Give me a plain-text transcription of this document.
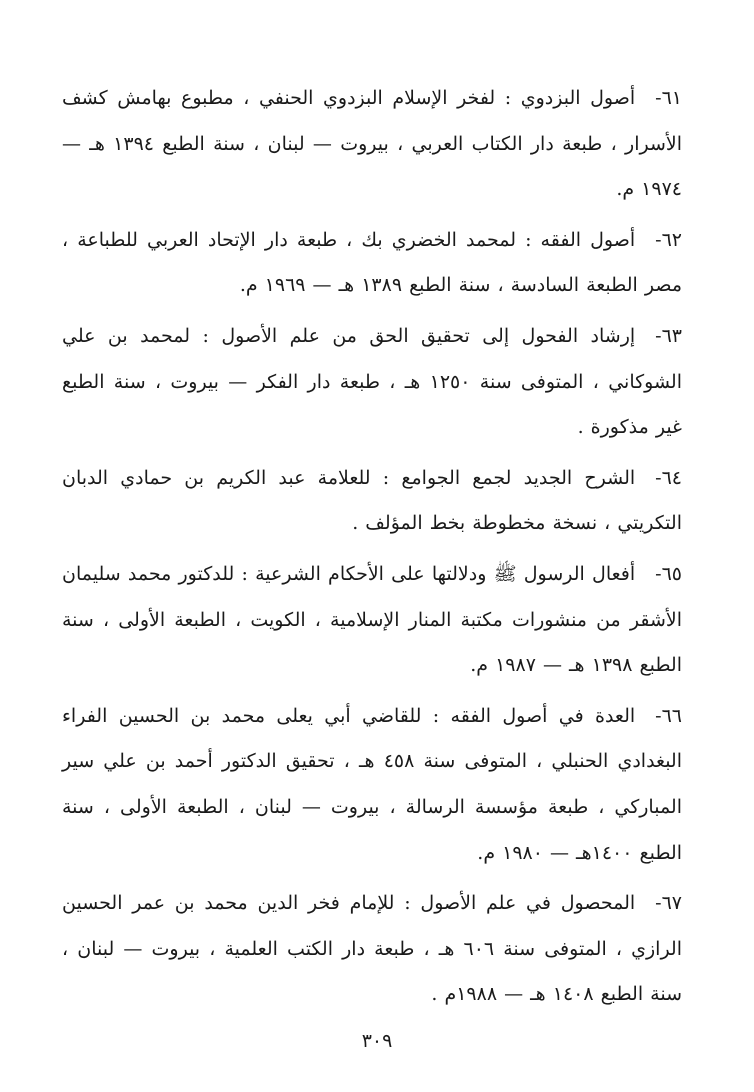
٦١-أصول البزدوي : لفخر الإسلام البزدوي الحنفي ، مطبوع بهامش كشف الأسرار ، طبعة دار الكتاب العربي ، بيروت — لبنان ، سنة الطبع ١٣٩٤ هـ — ١٩٧٤ م.

٦٢-أصول الفقه : لمحمد الخضري بك ، طبعة دار الإتحاد العربي للطباعة ، مصر الطبعة السادسة ، سنة الطبع ١٣٨٩ هـ — ١٩٦٩ م.

٦٣-إرشاد الفحول إلى تحقيق الحق من علم الأصول : لمحمد بن علي الشوكاني ، المتوفى سنة ١٢٥٠ هـ ، طبعة دار الفكر — بيروت ، سنة الطبع غير مذكورة .

٦٤-الشرح الجديد لجمع الجوامع : للعلامة عبد الكريم بن حمادي الدبان التكريتي ، نسخة مخطوطة بخط المؤلف .

٦٥-أفعال الرسول ﷺ ودلالتها على الأحكام الشرعية : للدكتور محمد سليمان الأشقر من منشورات مكتبة المنار الإسلامية ، الكويت ، الطبعة الأولى ، سنة الطبع ١٣٩٨ هـ — ١٩٨٧ م.

٦٦-العدة في أصول الفقه : للقاضي أبي يعلى محمد بن الحسين الفراء البغدادي الحنبلي ، المتوفى سنة ٤٥٨ هـ ، تحقيق الدكتور أحمد بن علي سير المباركي ، طبعة مؤسسة الرسالة ، بيروت — لبنان ، الطبعة الأولى ، سنة الطبع ١٤٠٠هـ — ١٩٨٠ م.

٦٧-المحصول في علم الأصول : للإمام فخر الدين محمد بن عمر الحسين الرازي ، المتوفى سنة ٦٠٦ هـ ، طبعة دار الكتب العلمية ، بيروت — لبنان ، سنة الطبع ١٤٠٨ هـ — ١٩٨٨م .

٣٠٩
